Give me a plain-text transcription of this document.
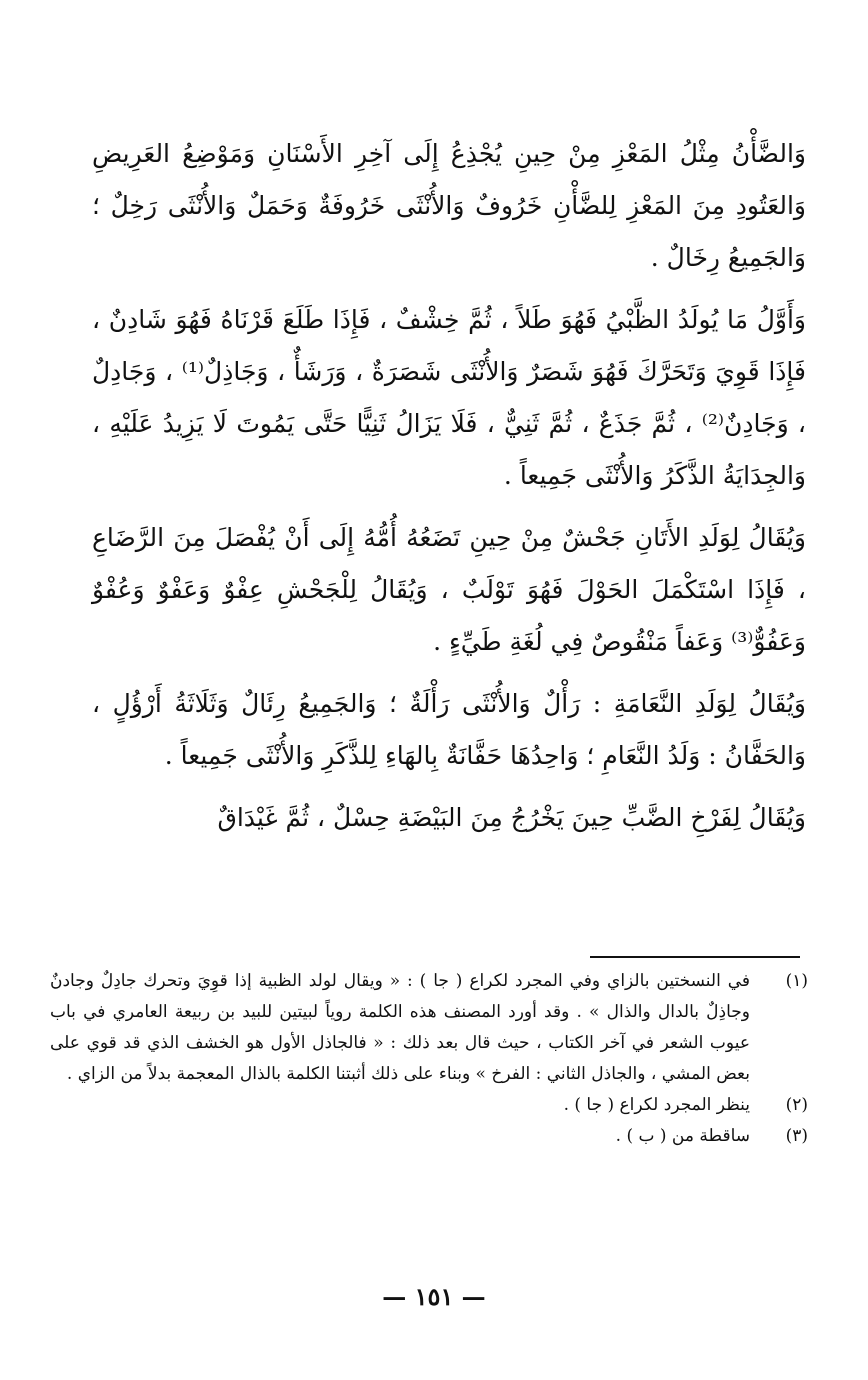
وَالضَّأْنُ مِثْلُ المَعْزِ مِنْ حِينِ يُجْذِعُ إِلَى آخِرِ الأَسْنَانِ وَمَوْضِعُ العَرِيضِ وَالعَتُودِ مِنَ المَعْزِ لِلضَّأْنِ خَرُوفٌ وَالأُنْثَى خَرُوفَةٌ وَحَمَلٌ وَالأُنْثَى رَخِلٌ ؛ وَالجَمِيعُ رِخَالٌ .

وَأَوَّلُ مَا يُولَدُ الظَّبْيُ فَهُوَ طَلاً ، ثُمَّ خِشْفٌ ، فَإِذَا طَلَعَ قَرْنَاهُ فَهُوَ شَادِنٌ ، فَإِذَا قَوِيَ وَتَحَرَّكَ فَهُوَ شَصَرٌ وَالأُنْثَى شَصَرَةٌ ، وَرَشَأٌ ، وَجَاذِلٌ⁽¹⁾ ، وَجَادِلٌ ، وَجَادِنٌ⁽²⁾ ، ثُمَّ جَذَعٌ ، ثُمَّ ثَنِيٌّ ، فَلَا يَزَالُ ثَنِيًّا حَتَّى يَمُوتَ لَا يَزِيدُ عَلَيْهِ ، وَالجِدَايَةُ الذَّكَرُ وَالأُنْثَى جَمِيعاً .

وَيُقَالُ لِوَلَدِ الأَتَانِ جَحْشٌ مِنْ حِينِ تَضَعُهُ أُمُّهُ إِلَى أَنْ يُفْصَلَ مِنَ الرَّضَاعِ ، فَإِذَا اسْتَكْمَلَ الحَوْلَ فَهُوَ تَوْلَبٌ ، وَيُقَالُ لِلْجَحْشِ عِفْوٌ وَعَفْوٌ وَعُفْوٌ وَعَفُوٌّ⁽³⁾ وَعَفاً مَنْقُوصٌ فِي لُغَةِ طَيِّءٍ .

وَيُقَالُ لِوَلَدِ النَّعَامَةِ : رَأْلٌ وَالأُنْثَى رَأْلَةٌ ؛ وَالجَمِيعُ رِئَالٌ وَثَلَاثَةُ أَرْؤُلٍ ، وَالحَفَّانُ : وَلَدُ النَّعَامِ ؛ وَاحِدُهَا حَفَّانَةٌ بِالهَاءِ لِلذَّكَرِ وَالأُنْثَى جَمِيعاً .

وَيُقَالُ لِفَرْخِ الضَّبِّ حِينَ يَخْرُجُ مِنَ البَيْضَةِ حِسْلٌ ، ثُمَّ غَيْدَاقٌ

(١)
في النسختين بالزاي وفي المجرد لكراع ( جا ) : « ويقال لولد الظبية إذا قوِيَ وتحرك جادِلٌ وجادنٌ وجاذِلٌ بالدال والذال » . وقد أورد المصنف هذه الكلمة روياً لبيتين للبيد بن ربيعة العامري في باب عيوب الشعر في آخر الكتاب ، حيث قال بعد ذلك : « فالجاذل الأول هو الخشف الذي قد قوي على بعض المشي ، والجاذل الثاني : الفرخ » وبناء على ذلك أثبتنا الكلمة بالذال المعجمة بدلاً من الزاي .
(٢)
ينظر المجرد لكراع ( جا ) .
(٣)
ساقطة من ( ب ) .
— ١٥١ —
